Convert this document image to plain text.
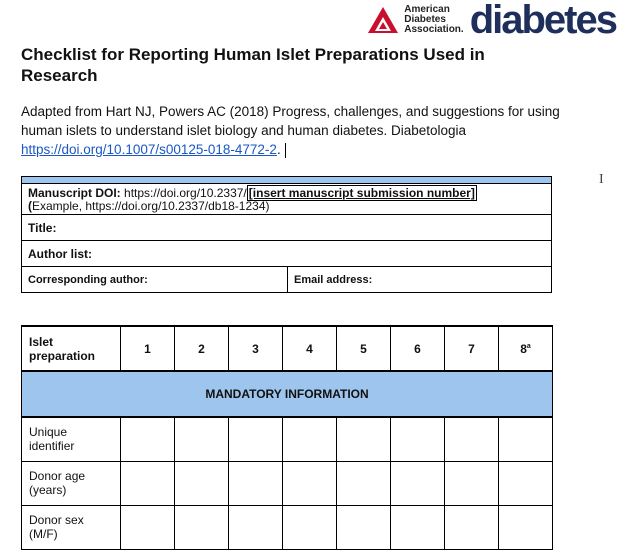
American
Diabetes
Association. diabetes
Checklist for Reporting Human Islet Preparations Used in Research
Adapted from Hart NJ, Powers AC (2018) Progress, challenges, and suggestions for using human islets to understand islet biology and human diabetes. Diabetologia https://doi.org/10.1007/s00125-018-4772-2.
I
Manuscript DOI: https://doi.org/10.2337/ [insert manuscript submission number]
(Example, https://doi.org/10.2337/db18-1234)
Title:
Author list:
Corresponding author:	Email address:
Islet preparation	1	2	3	4	5	6	7	8$^a$
MANDATORY INFORMATION								
Unique identifier								
Donor age (years)								
Donor sex (M/F)								
